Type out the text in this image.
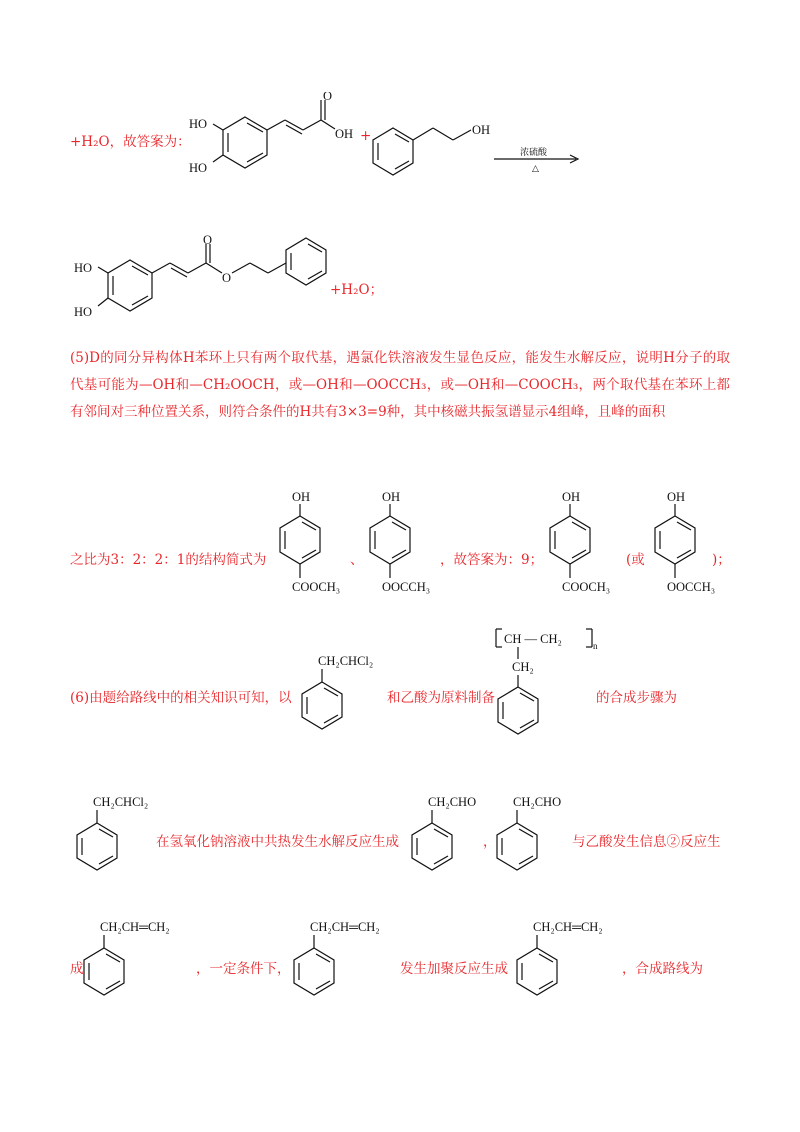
+H₂O，故答案为：
HO
HO
O
OH +	OH
浓硫酸
△
HO
HO
O
O
+H₂O；
(5)D的同分异构体H苯环上只有两个取代基，遇氯化铁溶液发生显色反应，能发生水解反应，说明H分子的取代基可能为—OH和—CH₂OOCH，或—OH和—OOCCH₃，或—OH和—COOCH₃，两个取代基在苯环上都有邻间对三种位置关系，则符合条件的H共有3×3=9种，其中核磁共振氢谱显示4组峰，且峰的面积
之比为3：2：2：1的结构简式为
OH
COOCH₃
、
OH
OOCCH₃
，故答案为：9；
OH
COOCH₃
(或
OH
OOCCH₃
)；
(6)由题给路线中的相关知识可知，以
CH₂CHCl₂
和乙酸为原料制备
CH — CH₂	n
CH₂
的合成步骤为
CH₂CHCl₂
在氢氧化钠溶液中共热发生水解反应生成
CH₂CHO
，
CH₂CHO
与乙酸发生信息②反应生
成
CH₂CH═CH₂
，一定条件下，
CH₂CH═CH₂
发生加聚反应生成
CH₂CH═CH₂
，合成路线为
